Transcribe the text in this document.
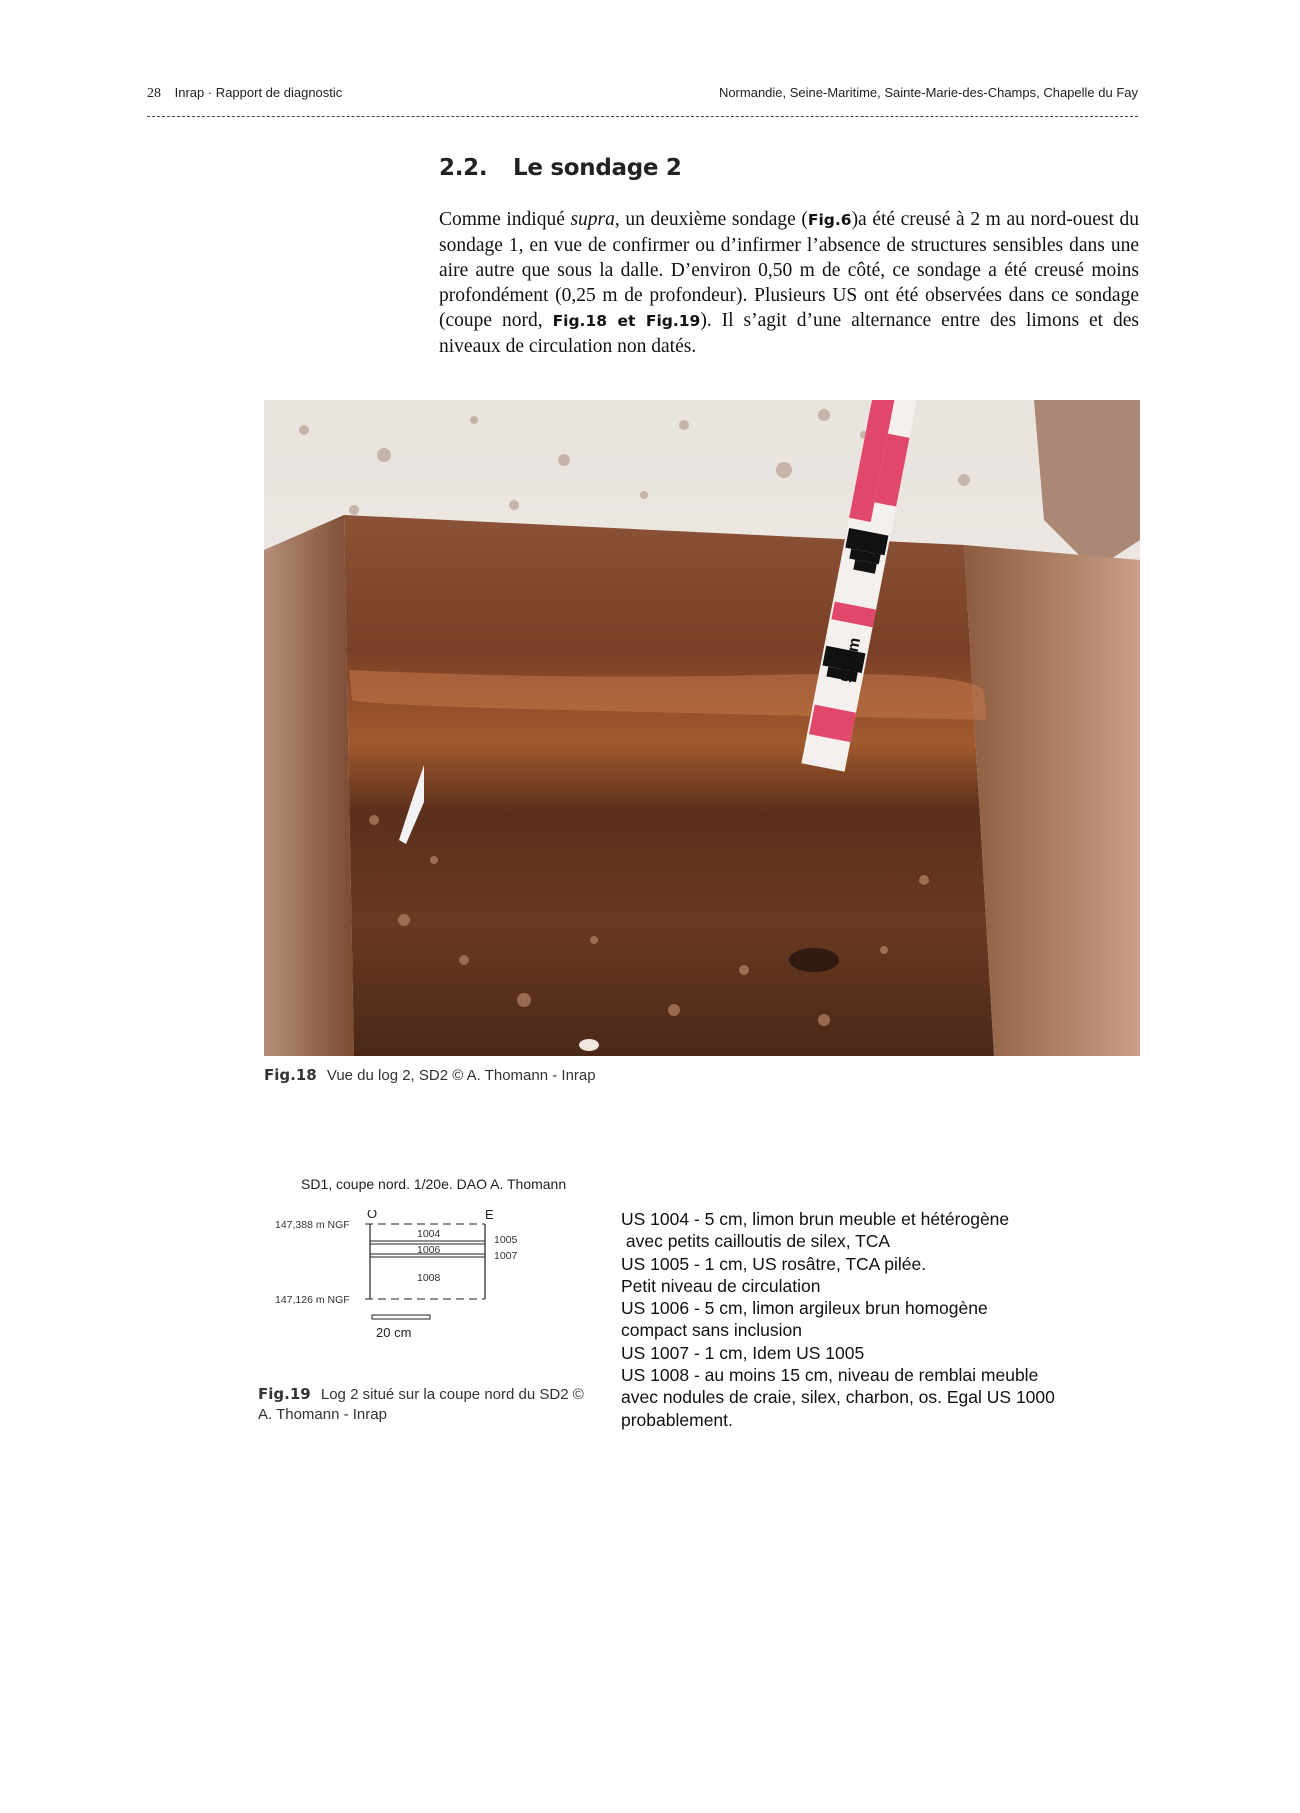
28 Inrap · Rapport de diagnostic	Normandie, Seine-Maritime, Sainte-Marie-des-Champs, Chapelle du Fay
2.2. Le sondage 2
Comme indiqué supra, un deuxième sondage (Fig.6)a été creusé à 2 m au nord-ouest du sondage 1, en vue de confirmer ou d’infirmer l’absence de structures sensibles dans une aire autre que sous la dalle. D’environ 0,50 m de côté, ce sondage a été creusé moins profondément (0,25 m de profondeur). Plusieurs US ont été observées dans ce sondage (coupe nord, Fig.18 et Fig.19). Il s’agit d’une alternance entre des limons et des niveaux de circulation non datés.
50 cm
Fig.18 Vue du log 2, SD2 © A. Thomann - Inrap
SD1, coupe nord. 1/20e. DAO A. Thomann
O	E
147,388 m NGF
147,126 m NGF
1004	1005
1006	1007
1008
20 cm
Fig.19 Log 2 situé sur la coupe nord du SD2 © A. Thomann - Inrap
US 1004 - 5 cm, limon brun meuble et hétérogène
avec petits cailloutis de silex, TCA
US 1005 - 1 cm, US rosâtre, TCA pilée.
Petit niveau de circulation
US 1006 - 5 cm, limon argileux brun homogène
compact sans inclusion
US 1007 - 1 cm, Idem US 1005
US 1008 - au moins 15 cm, niveau de remblai meuble
avec nodules de craie, silex, charbon, os. Egal US 1000
probablement.
